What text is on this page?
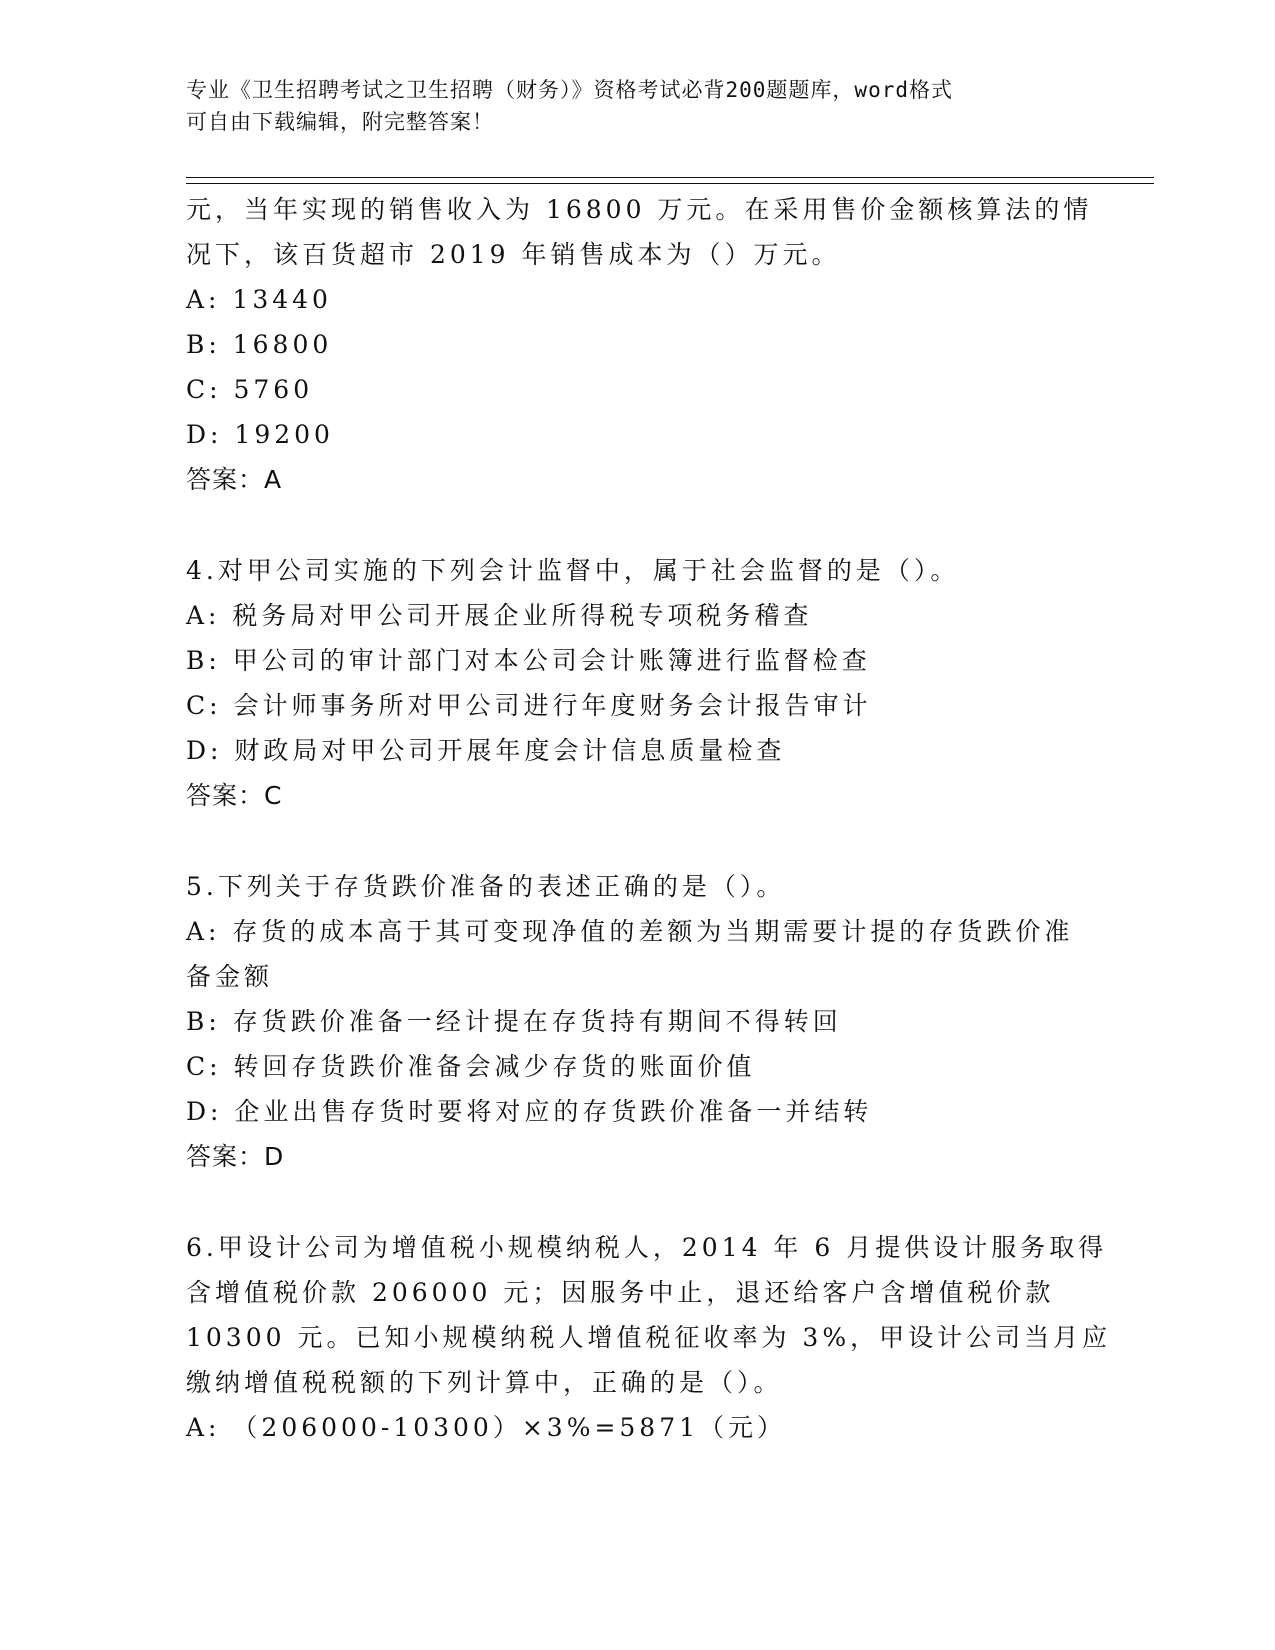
专业《卫生招聘考试之卫生招聘（财务）》资格考试必背200题题库，word格式
可自由下载编辑，附完整答案！
元，当年实现的销售收入为 16800 万元。在采用售价金额核算法的情
况下，该百货超市 2019 年销售成本为（）万元。
A: 13440
B: 16800
C: 5760
D: 19200
答案：A
4.对甲公司实施的下列会计监督中，属于社会监督的是（）。
A: 税务局对甲公司开展企业所得税专项税务稽查
B: 甲公司的审计部门对本公司会计账簿进行监督检查
C: 会计师事务所对甲公司进行年度财务会计报告审计
D: 财政局对甲公司开展年度会计信息质量检查
答案：C
5.下列关于存货跌价准备的表述正确的是（）。
A: 存货的成本高于其可变现净值的差额为当期需要计提的存货跌价准
备金额
B: 存货跌价准备一经计提在存货持有期间不得转回
C: 转回存货跌价准备会减少存货的账面价值
D: 企业出售存货时要将对应的存货跌价准备一并结转
答案：D
6.甲设计公司为增值税小规模纳税人，2014 年 6 月提供设计服务取得
含增值税价款 206000 元；因服务中止，退还给客户含增值税价款
10300 元。已知小规模纳税人增值税征收率为 3%，甲设计公司当月应
缴纳增值税税额的下列计算中，正确的是（）。
A: （206000-10300）×3%=5871（元）
